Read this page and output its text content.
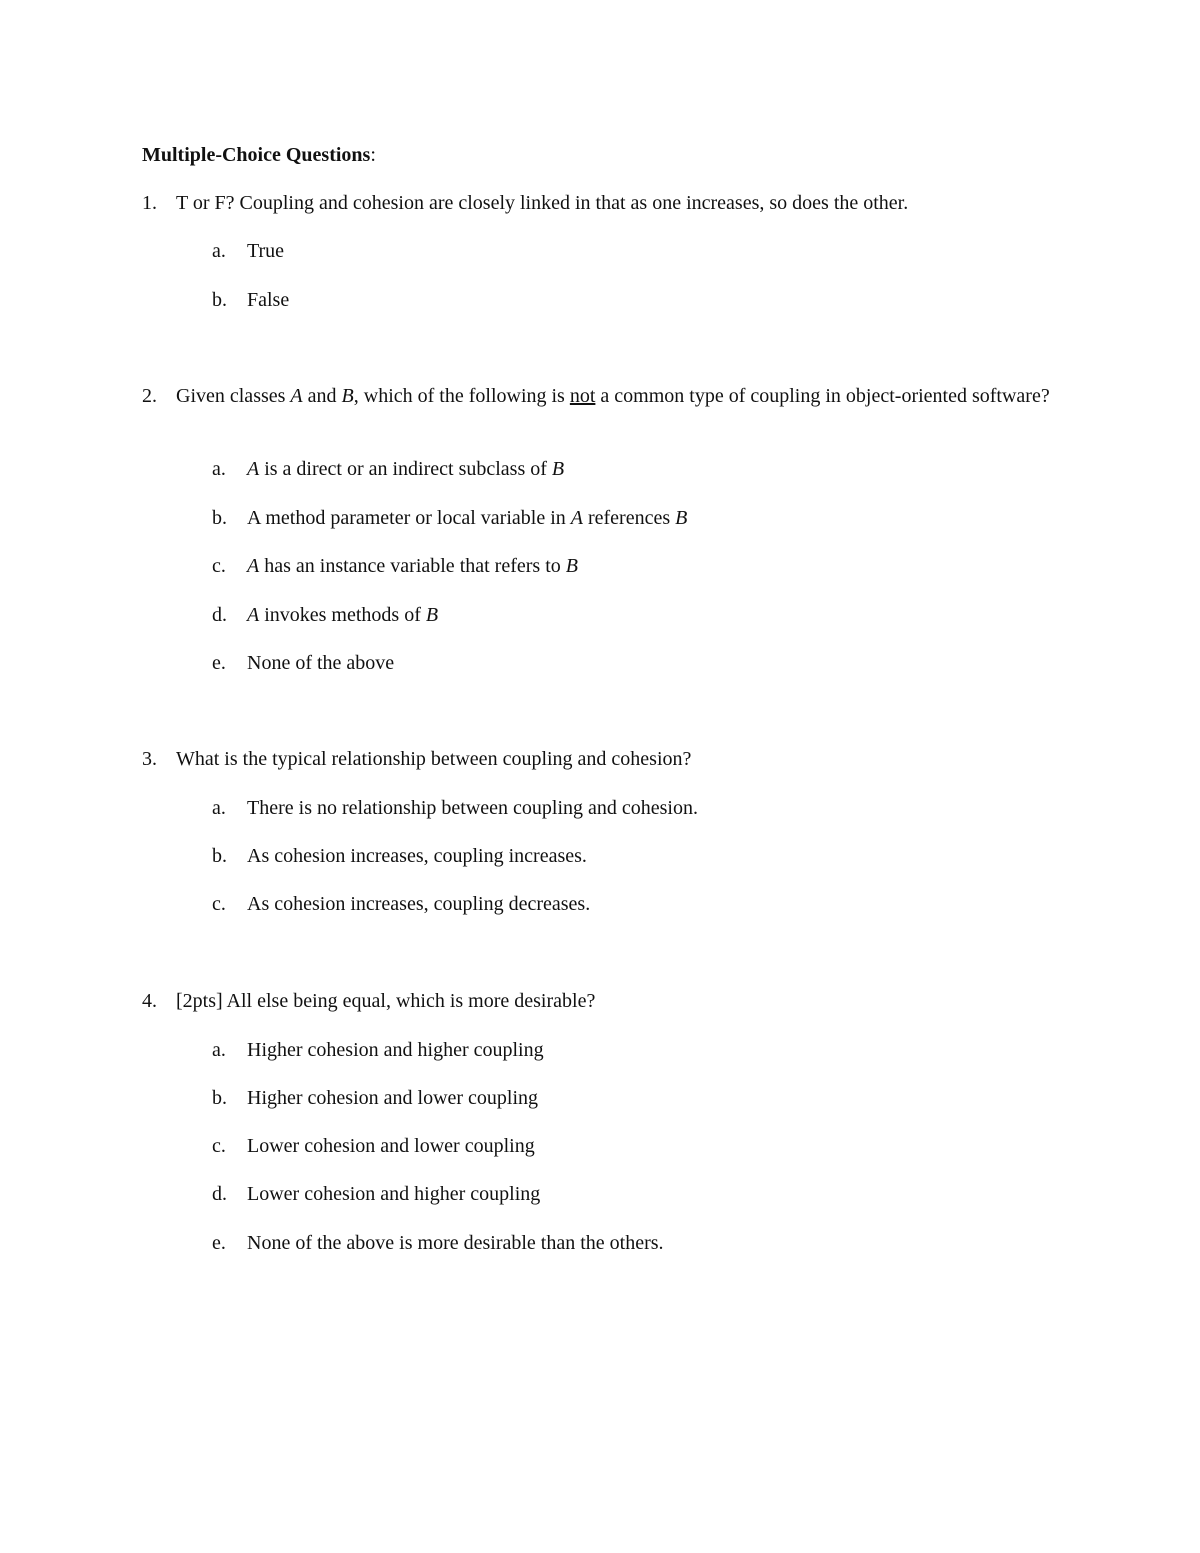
Multiple-Choice Questions:
1. T or F? Coupling and cohesion are closely linked in that as one increases, so does the other.
a. True
b. False
2. Given classes A and B, which of the following is not a common type of coupling in object-oriented software?
a. A is a direct or an indirect subclass of B
b. A method parameter or local variable in A references B
c. A has an instance variable that refers to B
d. A invokes methods of B
e. None of the above
3. What is the typical relationship between coupling and cohesion?
a. There is no relationship between coupling and cohesion.
b. As cohesion increases, coupling increases.
c. As cohesion increases, coupling decreases.
4. [2pts] All else being equal, which is more desirable?
a. Higher cohesion and higher coupling
b. Higher cohesion and lower coupling
c. Lower cohesion and lower coupling
d. Lower cohesion and higher coupling
e. None of the above is more desirable than the others.
